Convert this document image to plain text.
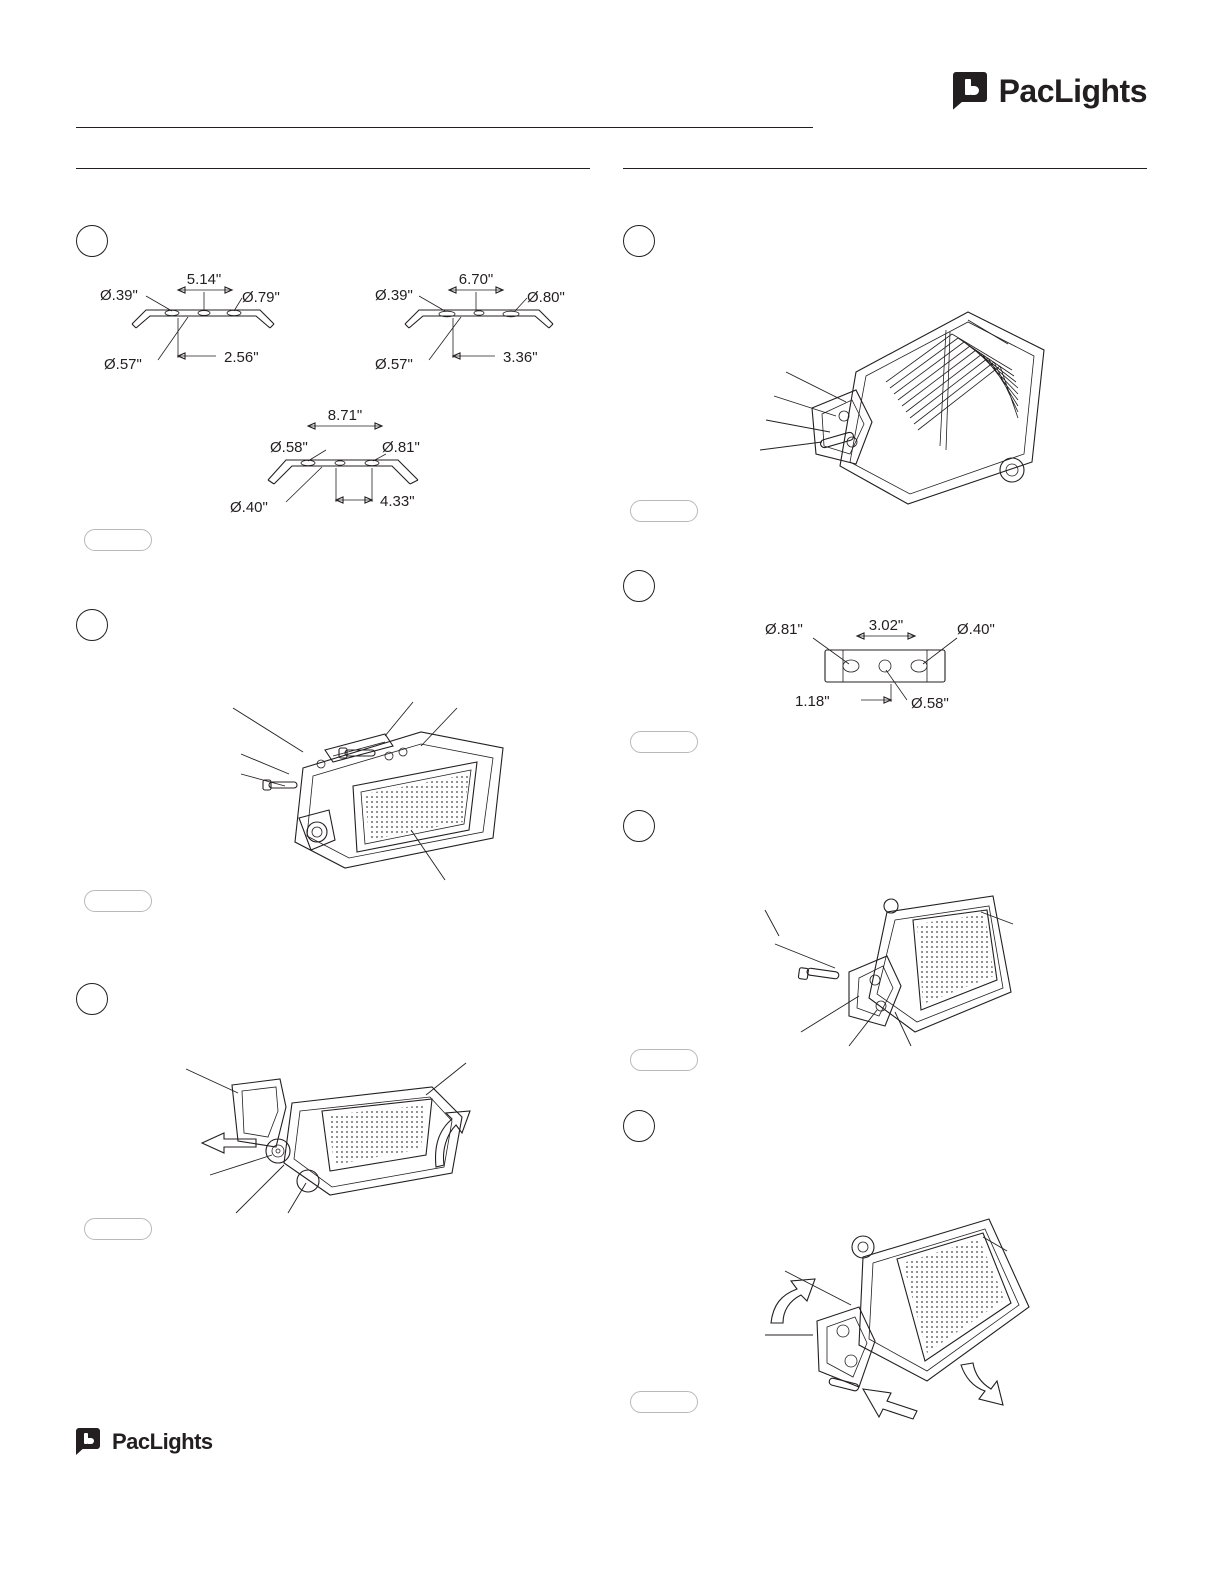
PacLights
5.14"
Ø.39"	Ø.79"
Ø.57"	2.56"
6.70"
Ø.39"	Ø.80"
Ø.57"	3.36"
8.71"
Ø.58"	Ø.81"
Ø.40"	4.33"
3.02"
Ø.81"	Ø.40"
Ø.58"
1.18"
PacLights
